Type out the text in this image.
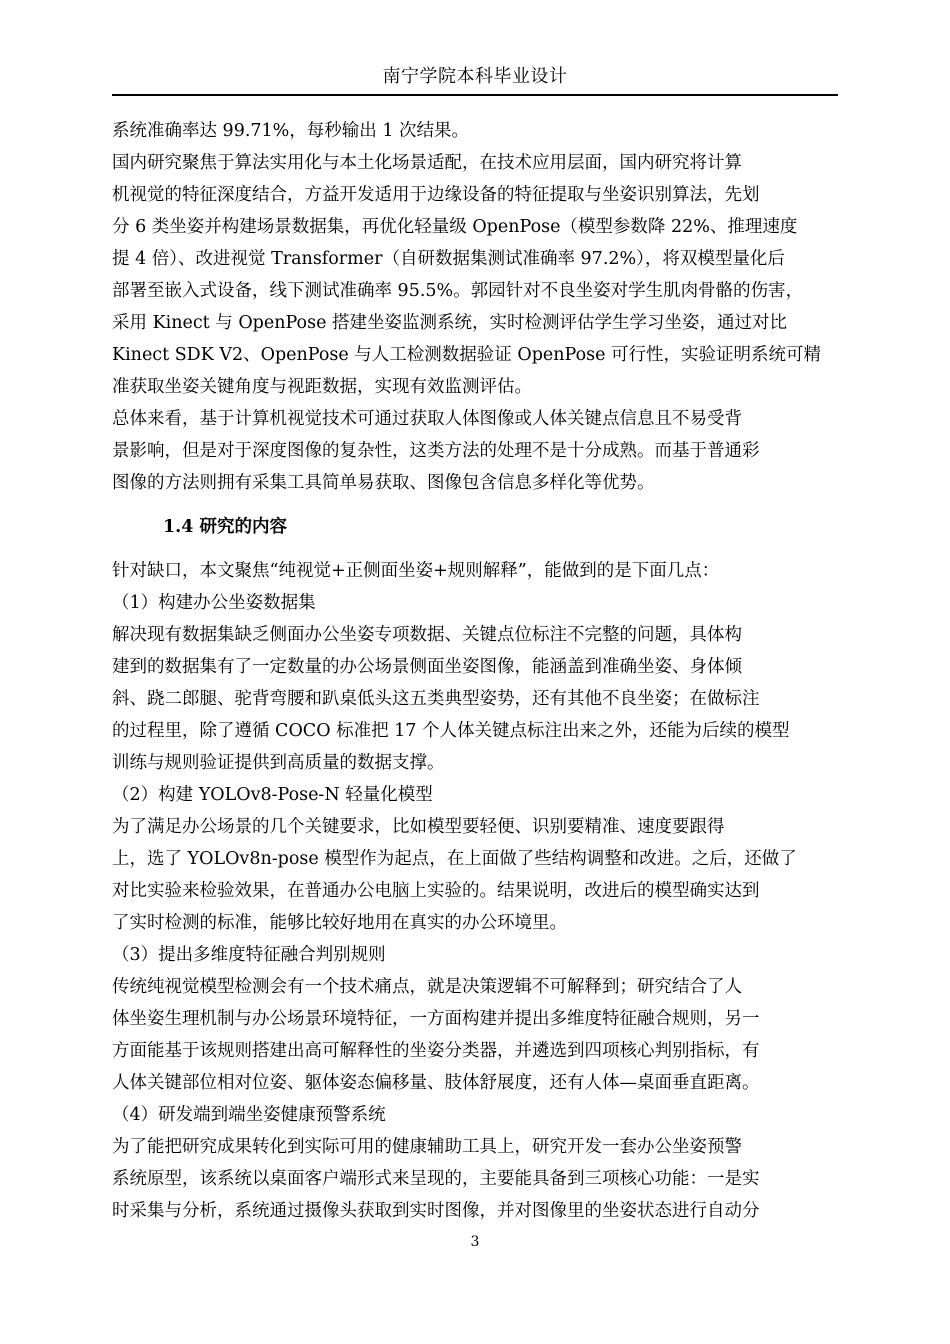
南宁学院本科毕业设计
系统准确率达 99.71%，每秒输出 1 次结果。
国内研究聚焦于算法实用化与本土化场景适配，在技术应用层面，国内研究将计算
机视觉的特征深度结合，方益开发适用于边缘设备的特征提取与坐姿识别算法，先划
分 6 类坐姿并构建场景数据集，再优化轻量级 OpenPose（模型参数降 22%、推理速度
提 4 倍）、改进视觉 Transformer（自研数据集测试准确率 97.2%），将双模型量化后
部署至嵌入式设备，线下测试准确率 95.5%。郭园针对不良坐姿对学生肌肉骨骼的伤害，
采用 Kinect 与 OpenPose 搭建坐姿监测系统，实时检测评估学生学习坐姿，通过对比
Kinect SDK V2、OpenPose 与人工检测数据验证 OpenPose 可行性，实验证明系统可精
准获取坐姿关键角度与视距数据，实现有效监测评估。
总体来看，基于计算机视觉技术可通过获取人体图像或人体关键点信息且不易受背
景影响，但是对于深度图像的复杂性，这类方法的处理不是十分成熟。而基于普通彩
图像的方法则拥有采集工具简单易获取、图像包含信息多样化等优势。
1.4 研究的内容
针对缺口，本文聚焦“纯视觉+正侧面坐姿+规则解释”，能做到的是下面几点：
（1）构建办公坐姿数据集
解决现有数据集缺乏侧面办公坐姿专项数据、关键点位标注不完整的问题，具体构
建到的数据集有了一定数量的办公场景侧面坐姿图像，能涵盖到准确坐姿、身体倾
斜、跷二郎腿、驼背弯腰和趴桌低头这五类典型姿势，还有其他不良坐姿；在做标注
的过程里，除了遵循 COCO 标准把 17 个人体关键点标注出来之外，还能为后续的模型
训练与规则验证提供到高质量的数据支撑。
（2）构建 YOLOv8-Pose-N 轻量化模型
为了满足办公场景的几个关键要求，比如模型要轻便、识别要精准、速度要跟得
上，选了 YOLOv8n-pose 模型作为起点，在上面做了些结构调整和改进。之后，还做了
对比实验来检验效果，在普通办公电脑上实验的。结果说明，改进后的模型确实达到
了实时检测的标准，能够比较好地用在真实的办公环境里。
（3）提出多维度特征融合判别规则
传统纯视觉模型检测会有一个技术痛点，就是决策逻辑不可解释到；研究结合了人
体坐姿生理机制与办公场景环境特征，一方面构建并提出多维度特征融合规则，另一
方面能基于该规则搭建出高可解释性的坐姿分类器，并遴选到四项核心判别指标，有
人体关键部位相对位姿、躯体姿态偏移量、肢体舒展度，还有人体—桌面垂直距离。
（4）研发端到端坐姿健康预警系统
为了能把研究成果转化到实际可用的健康辅助工具上，研究开发一套办公坐姿预警
系统原型，该系统以桌面客户端形式来呈现的，主要能具备到三项核心功能：一是实
时采集与分析，系统通过摄像头获取到实时图像，并对图像里的坐姿状态进行自动分
3
